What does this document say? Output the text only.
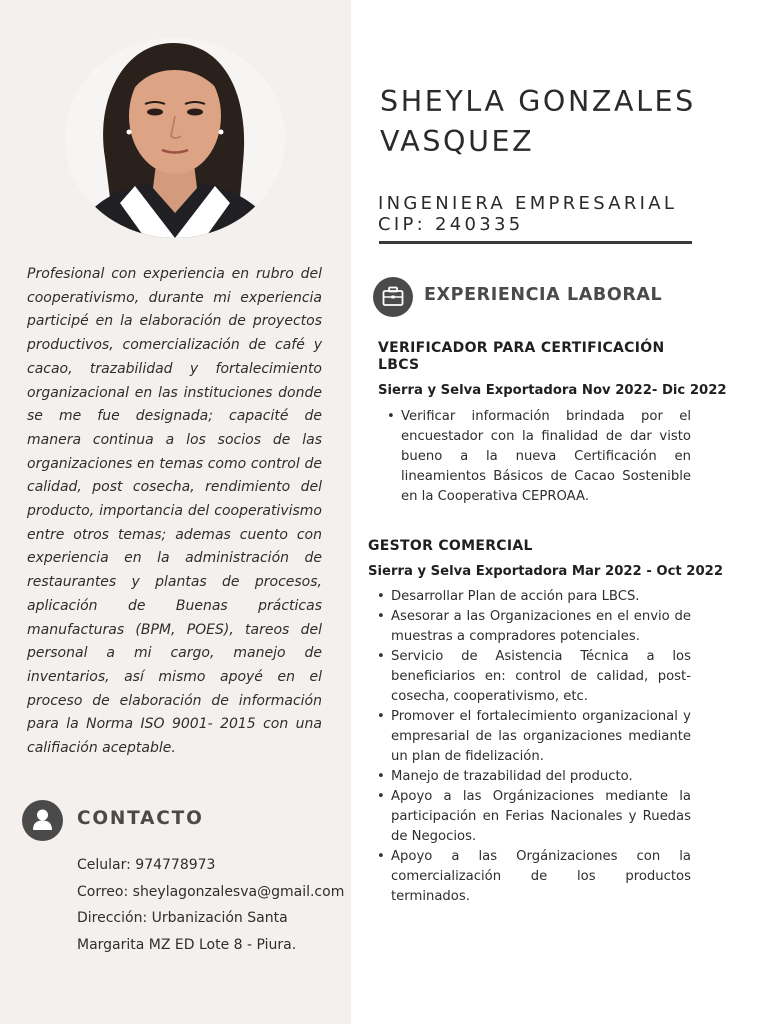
Profesional con experiencia en rubro del cooperativismo, durante mi experiencia participé en la elaboración de proyectos productivos, comercialización de café y cacao, trazabilidad y fortalecimiento organizacional en las instituciones donde se me fue designada; capacité de manera continua a los socios de las organizaciones en temas como control de calidad, post cosecha, rendimiento del producto, importancia del cooperativismo entre otros temas; ademas cuento con experiencia en la administración de restaurantes y plantas de procesos, aplicación de Buenas prácticas manufacturas (BPM, POES), tareos del personal a mi cargo, manejo de inventarios, así mismo apoyé en el proceso de elaboración de información para la Norma ISO 9001- 2015 con una califiación aceptable.

CONTACTO

Celular: 974778973

Correo: sheylagonzalesva@gmail.com

Dirección: Urbanización Santa

Margarita MZ ED Lote 8 - Piura.

SHEYLA GONZALES
VASQUEZ
INGENIERA EMPRESARIAL
CIP: 240335
EXPERIENCIA LABORAL
VERIFICADOR PARA CERTIFICACIÓN
LBCS

Sierra y Selva Exportadora Nov 2022- Dic 2022

• Verificar información brindada por el encuestador con la finalidad de dar visto bueno a la nueva Certificación en lineamientos Básicos de Cacao Sostenible en la Cooperativa CEPROAA.
GESTOR COMERCIAL

Sierra y Selva Exportadora Mar 2022 - Oct 2022

• Desarrollar Plan de acción para LBCS.
• Asesorar a las Organizaciones en el envio de muestras a compradores potenciales.
• Servicio de Asistencia Técnica a los beneficiarios en: control de calidad, post-cosecha, cooperativismo, etc.
• Promover el fortalecimiento organizacional y empresarial de las organizaciones mediante un plan de fidelización.
• Manejo de trazabilidad del producto.
• Apoyo a las Orgánizaciones mediante la participación en Ferias Nacionales y Ruedas de Negocios.
• Apoyo a las Orgánizaciones con la comercialización de los productos terminados.
